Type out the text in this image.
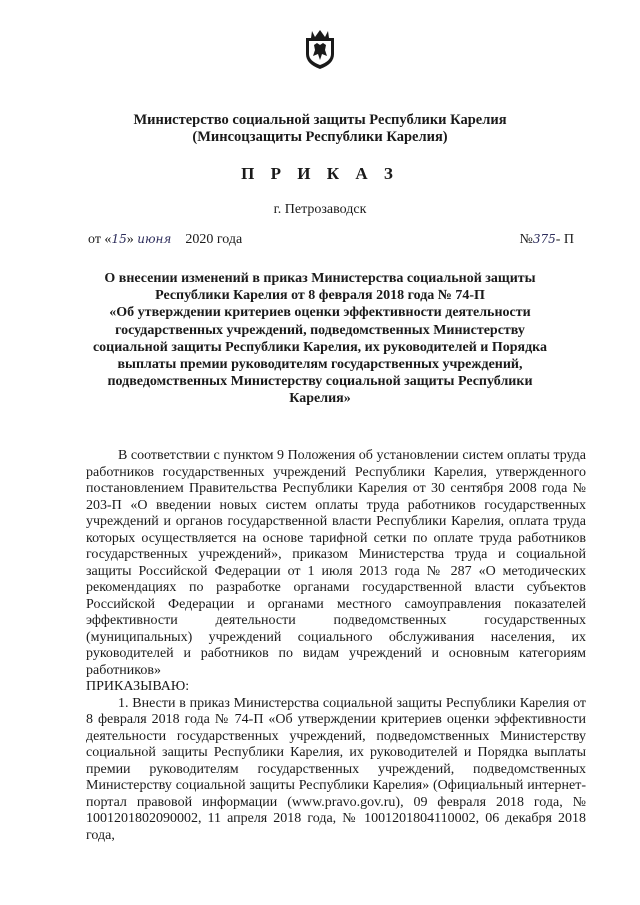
Министерство социальной защиты Республики Карелия
(Минсоцзащиты Республики Карелия)
П Р И К А З
г. Петрозаводск
от «15» июня 2020 года	№375- П
О внесении изменений в приказ Министерства социальной защиты
Республики Карелия от 8 февраля 2018 года № 74-П
«Об утверждении критериев оценки эффективности деятельности
государственных учреждений, подведомственных Министерству
социальной защиты Республики Карелия, их руководителей и Порядка
выплаты премии руководителям государственных учреждений,
подведомственных Министерству социальной защиты Республики
Карелия»

В соответствии с пунктом 9 Положения об установлении систем оплаты труда работников государственных учреждений Республики Карелия, утвержденного постановлением Правительства Республики Карелия от 30 сентября 2008 года № 203-П «О введении новых систем оплаты труда работников государственных учреждений и органов государственной власти Республики Карелия, оплата труда которых осуществляется на основе тарифной сетки по оплате труда работников государственных учреждений», приказом Министерства труда и социальной защиты Российской Федерации от 1 июля 2013 года № 287 «О методических рекомендациях по разработке органами государственной власти субъектов Российской Федерации и органами местного самоуправления показателей эффективности деятельности подведомственных государственных (муниципальных) учреждений социального обслуживания населения, их руководителей и работников по видам учреждений и основным категориям работников»

ПРИКАЗЫВАЮ:

1. Внести в приказ Министерства социальной защиты Республики Карелия от 8 февраля 2018 года № 74-П «Об утверждении критериев оценки эффективности деятельности государственных учреждений, подведомственных Министерству социальной защиты Республики Карелия, их руководителей и Порядка выплаты премии руководителям государственных учреждений, подведомственных Министерству социальной защиты Республики Карелия» (Официальный интернет-портал правовой информации (www.pravo.gov.ru), 09 февраля 2018 года, № 1001201802090002, 11 апреля 2018 года, № 1001201804110002, 06 декабря 2018 года,
